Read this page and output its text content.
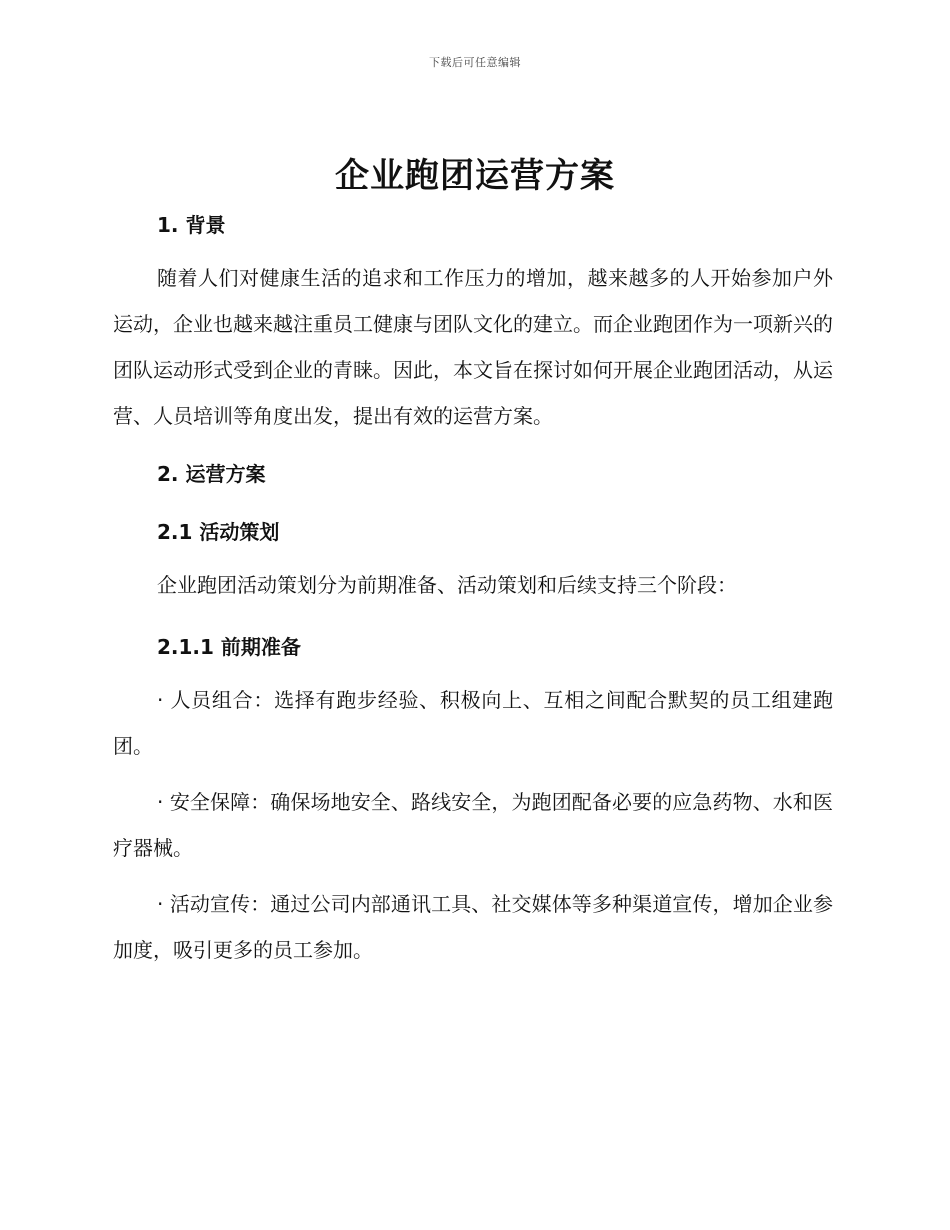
下载后可任意编辑
企业跑团运营方案
1. 背景

随着人们对健康生活的追求和工作压力的增加，越来越多的人开始参加户外运动，企业也越来越注重员工健康与团队文化的建立。而企业跑团作为一项新兴的团队运动形式受到企业的青睐。因此，本文旨在探讨如何开展企业跑团活动，从运营、人员培训等角度出发，提出有效的运营方案。

2. 运营方案
2.1 活动策划

企业跑团活动策划分为前期准备、活动策划和后续支持三个阶段：

2.1.1 前期准备

· 人员组合：选择有跑步经验、积极向上、互相之间配合默契的员工组建跑团。

· 安全保障：确保场地安全、路线安全，为跑团配备必要的应急药物、水和医疗器械。

· 活动宣传：通过公司内部通讯工具、社交媒体等多种渠道宣传，增加企业参加度，吸引更多的员工参加。
